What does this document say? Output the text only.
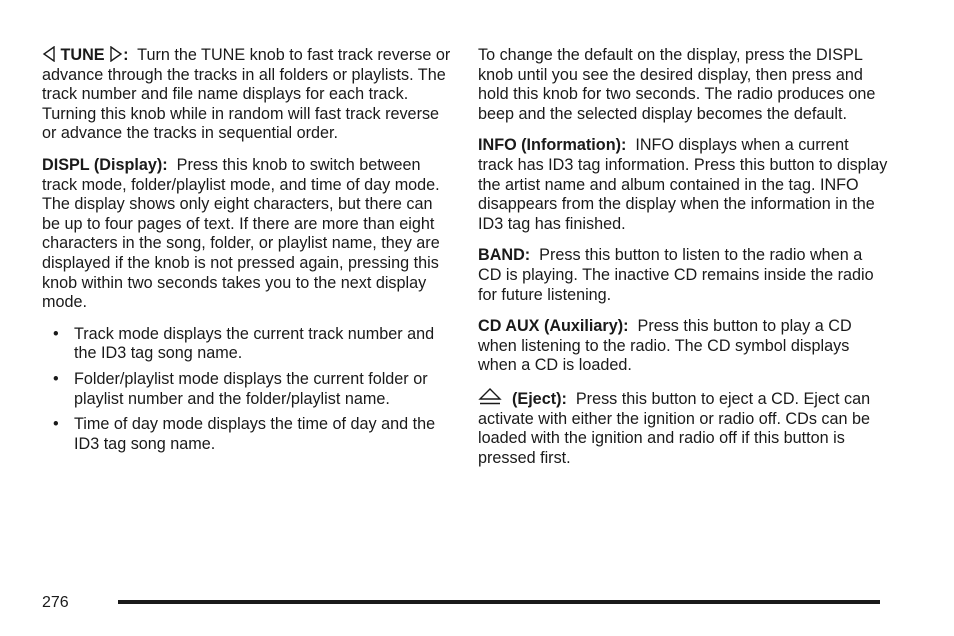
TUNE : Turn the TUNE knob to fast track reverse or advance through the tracks in all folders or playlists. The track number and file name displays for each track. Turning this knob while in random will fast track reverse or advance the tracks in sequential order.

DISPL (Display): Press this knob to switch between track mode, folder/playlist mode, and time of day mode. The display shows only eight characters, but there can be up to four pages of text. If there are more than eight characters in the song, folder, or playlist name, they are displayed if the knob is not pressed again, pressing this knob within two seconds takes you to the next display mode.

• Track mode displays the current track number and the ID3 tag song name.
• Folder/playlist mode displays the current folder or playlist number and the folder/playlist name.
• Time of day mode displays the time of day and the ID3 tag song name.

To change the default on the display, press the DISPL knob until you see the desired display, then press and hold this knob for two seconds. The radio produces one beep and the selected display becomes the default.

INFO (Information): INFO displays when a current track has ID3 tag information. Press this button to display the artist name and album contained in the tag. INFO disappears from the display when the information in the ID3 tag has finished.

BAND: Press this button to listen to the radio when a CD is playing. The inactive CD remains inside the radio for future listening.

CD AUX (Auxiliary): Press this button to play a CD when listening to the radio. The CD symbol displays when a CD is loaded.

(Eject): Press this button to eject a CD. Eject can activate with either the ignition or radio off. CDs can be loaded with the ignition and radio off if this button is pressed first.

276
